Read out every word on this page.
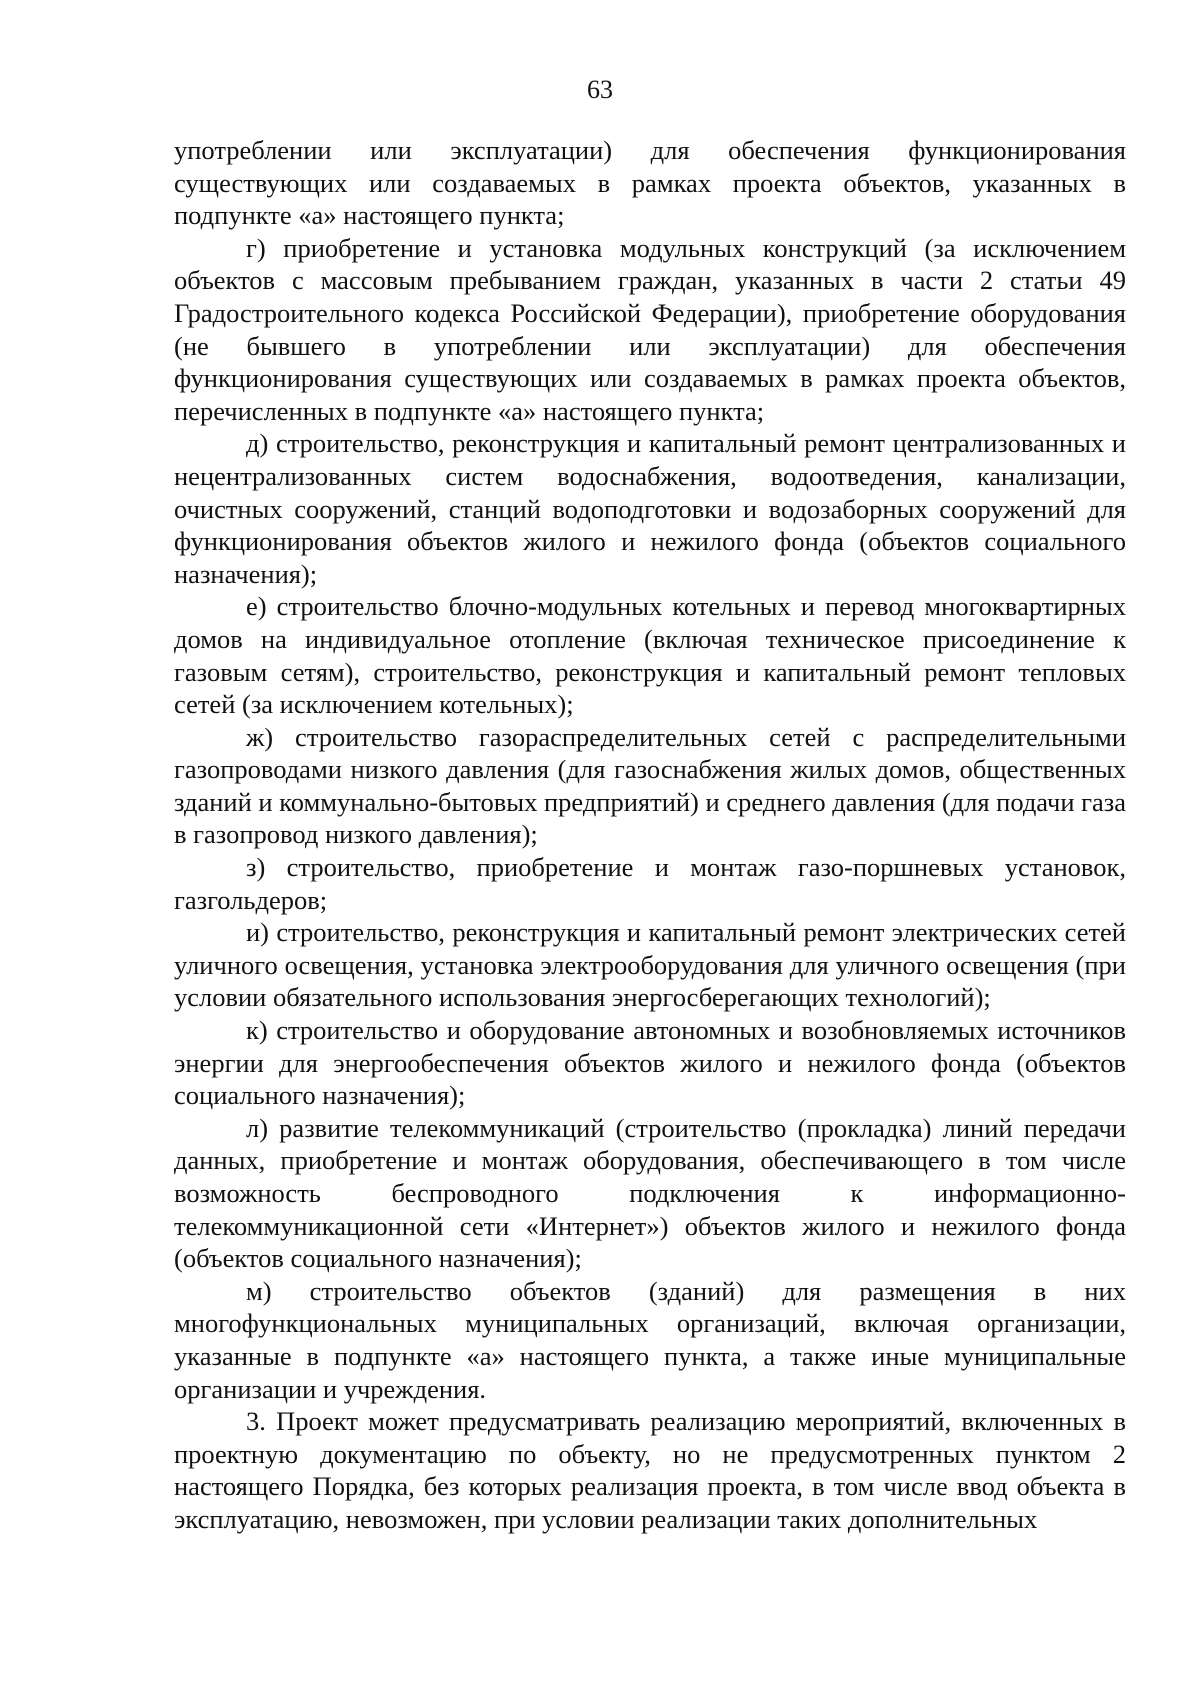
63

употреблении или эксплуатации) для обеспечения функционирования существующих или создаваемых в рамках проекта объектов, указанных в подпункте «а» настоящего пункта;

г) приобретение и установка модульных конструкций (за исключением объектов с массовым пребыванием граждан, указанных в части 2 статьи 49 Градостроительного кодекса Российской Федерации), приобретение оборудования (не бывшего в употреблении или эксплуатации) для обеспечения функционирования существующих или создаваемых в рамках проекта объектов, перечисленных в подпункте «а» настоящего пункта;

д) строительство, реконструкция и капитальный ремонт централизованных и нецентрализованных систем водоснабжения, водоотведения, канализации, очистных сооружений, станций водоподготовки и водозаборных сооружений для функционирования объектов жилого и нежилого фонда (объектов социального назначения);

е) строительство блочно-модульных котельных и перевод многоквартирных домов на индивидуальное отопление (включая техническое присоединение к газовым сетям), строительство, реконструкция и капитальный ремонт тепловых сетей (за исключением котельных);

ж) строительство газораспределительных сетей с распределительными газопроводами низкого давления (для газоснабжения жилых домов, общественных зданий и коммунально-бытовых предприятий) и среднего давления (для подачи газа в газопровод низкого давления);

з) строительство, приобретение и монтаж газо-поршневых установок, газгольдеров;

и) строительство, реконструкция и капитальный ремонт электрических сетей уличного освещения, установка электрооборудования для уличного освещения (при условии обязательного использования энергосберегающих технологий);

к) строительство и оборудование автономных и возобновляемых источников энергии для энергообеспечения объектов жилого и нежилого фонда (объектов социального назначения);

л) развитие телекоммуникаций (строительство (прокладка) линий передачи данных, приобретение и монтаж оборудования, обеспечивающего в том числе возможность беспроводного подключения к информационно-телекоммуникационной сети «Интернет») объектов жилого и нежилого фонда (объектов социального назначения);

м) строительство объектов (зданий) для размещения в них многофункциональных муниципальных организаций, включая организации, указанные в подпункте «а» настоящего пункта, а также иные муниципальные организации и учреждения.

3. Проект может предусматривать реализацию мероприятий, включенных в проектную документацию по объекту, но не предусмотренных пунктом 2 настоящего Порядка, без которых реализация проекта, в том числе ввод объекта в эксплуатацию, невозможен, при условии реализации таких дополнительных
